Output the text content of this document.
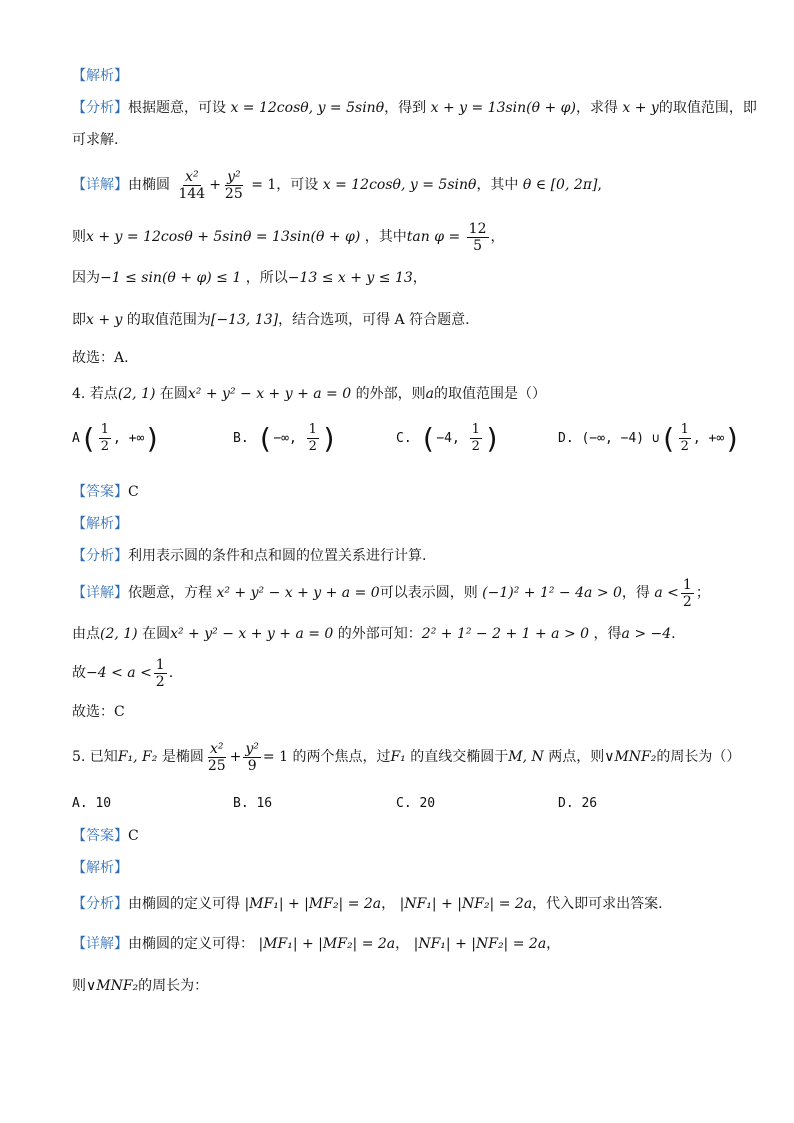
【解析】
【分析】根据题意，可设 x = 12cosθ, y = 5sinθ，得到 x + y = 13sin(θ + φ)，求得 x + y的取值范围，即
可求解.
【详解】由椭圆 $\frac{\text{x²}}{144} + \frac{\text{y²}}{25} = 1$，可设 x = 12cosθ, y = 5sinθ，其中 θ ∈ [0, 2π],
则x + y = 12cosθ + 5sinθ = 13sin(θ + φ) ，其中$\tan \varphi = \frac{12}{5}$ ，
因为−1 ≤ sin(θ + φ) ≤ 1 ，所以−13 ≤ x + y ≤ 13，
即x + y 的取值范围为[−13, 13]，结合选项，可得 A 符合题意.
故选：A.
4. 若点(2, 1) 在圆x² + y² − x + y + a = 0 的外部，则a的取值范围是（）
$A( \frac{1}{2}$ , +∞)	B. (−∞, $\frac{1}{2}$ )	C. (−4, $\frac{1}{2}$ )	D. (−∞, −4) ∪( $\frac{1}{2}$ , +∞)
【答案】C
【解析】
【分析】利用表示圆的条件和点和圆的位置关系进行计算.
【详解】依题意，方程 x² + y² − x + y + a = 0可以表示圆，则 (−1)² + 1² − 4a > 0，得 $a < \frac{1}{2}$ ；
由点(2, 1) 在圆x² + y² − x + y + a = 0 的外部可知：2² + 1² − 2 + 1 + a > 0 ，得a > −4.
故$-4 < a < \frac{1}{2}$ .
故选：C
5. 已知F₁, F₂ 是椭圆 $\frac{\text{x²}}{25} + \frac{\text{y²}}{9} = 1$ 的两个焦点，过F₁ 的直线交椭圆于M, N 两点，则∨MNF₂的周长为（）
A. 10	B. 16	C. 20	D. 26
【答案】C
【解析】
【分析】由椭圆的定义可得 |MF₁| + |MF₂| = 2a， |NF₁| + |NF₂| = 2a，代入即可求出答案.
【详解】由椭圆的定义可得： |MF₁| + |MF₂| = 2a， |NF₁| + |NF₂| = 2a，
则∨MNF₂的周长为：
